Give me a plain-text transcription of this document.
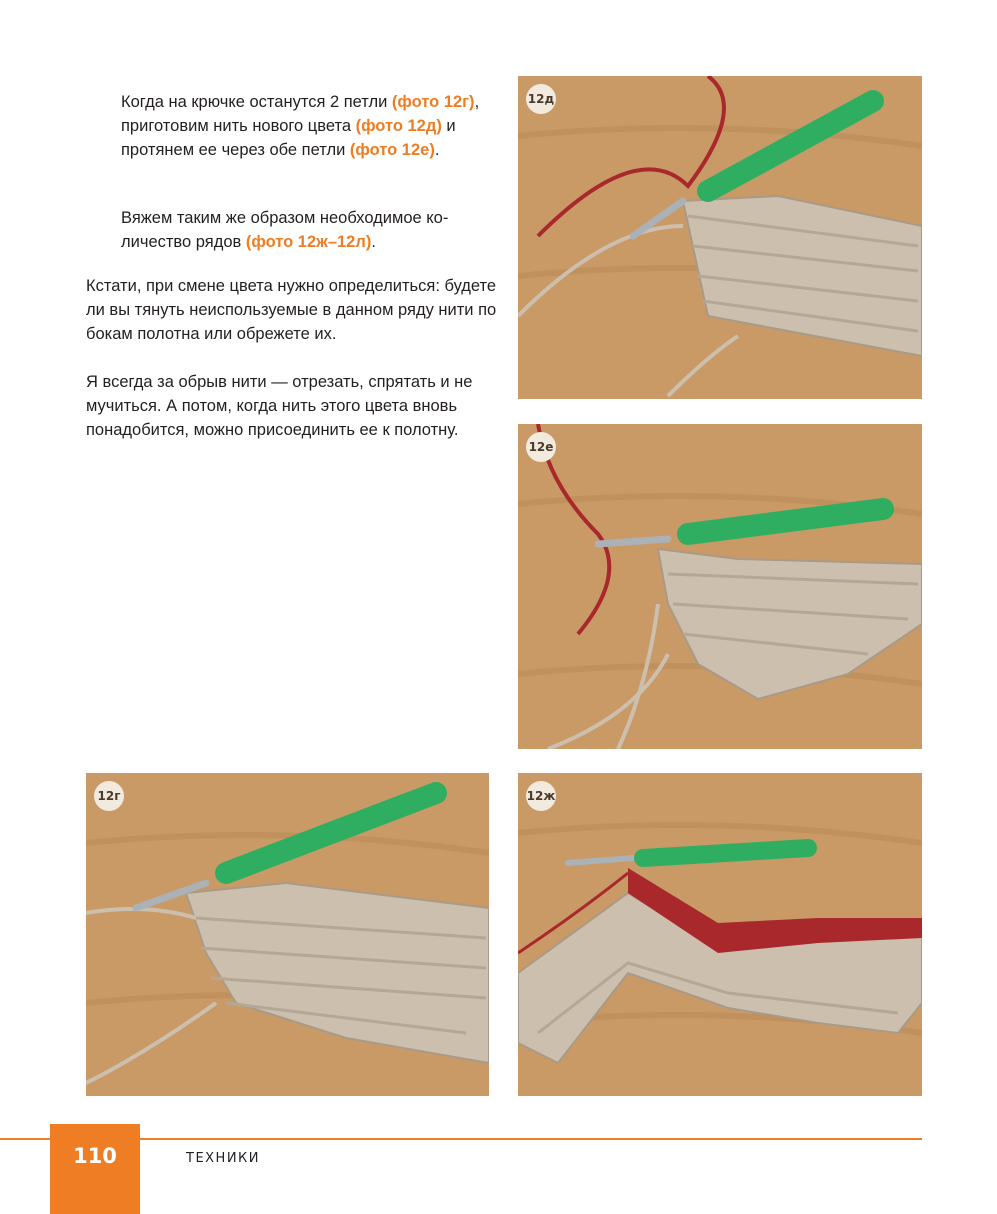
Когда на крючке останутся 2 петли (фото 12г), приготовим нить нового цвета (фото 12д) и протянем ее через обе петли (фото 12е).

Вяжем таким же образом необходимое количество рядов (фото 12ж–12л).

Кстати, при смене цвета нужно определиться: будете ли вы тянуть неиспользуемые в данном ряду нити по бокам полотна или обрежете их.

Я всегда за обрыв нити — отрезать, спрятать и не мучиться. А потом, когда нить этого цвета вновь понадобится, можно присоединить ее к полотну.

12д
12е
12г	12ж
110	ТЕХНИКИ
